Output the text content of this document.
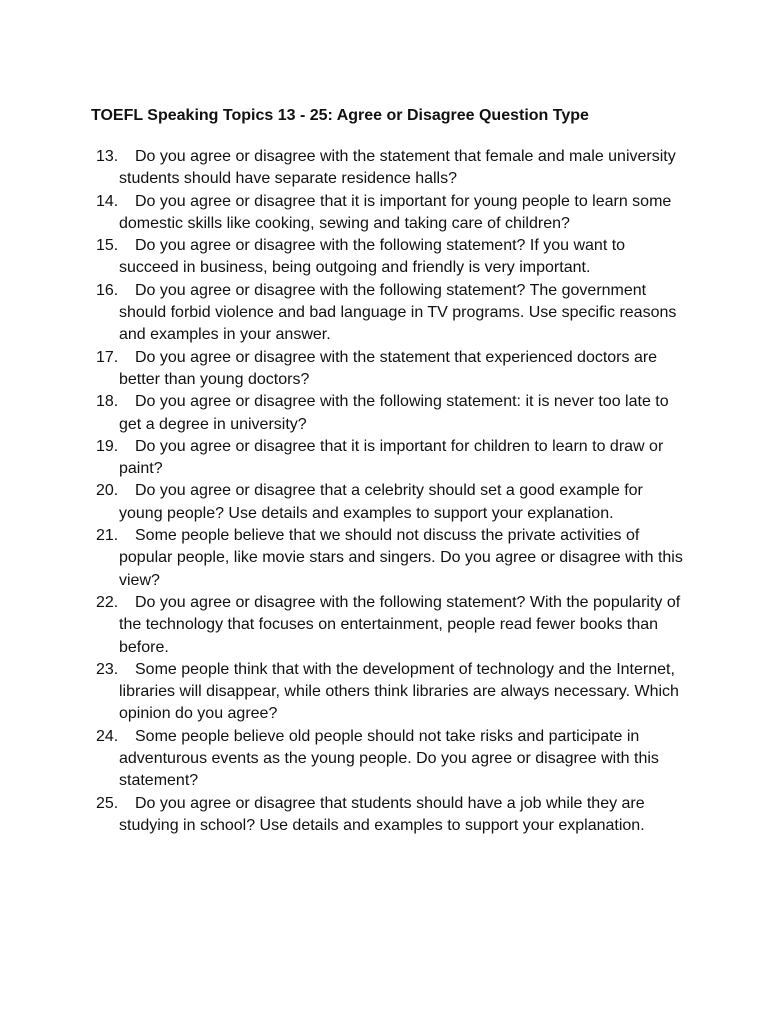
TOEFL Speaking Topics 13 - 25: Agree or Disagree Question Type
13.	Do you agree or disagree with the statement that female and male university students should have separate residence halls?
14.	Do you agree or disagree that it is important for young people to learn some domestic skills like cooking, sewing and taking care of children?
15.	Do you agree or disagree with the following statement? If you want to succeed in business, being outgoing and friendly is very important.
16.	Do you agree or disagree with the following statement? The government should forbid violence and bad language in TV programs. Use specific reasons and examples in your answer.
17.	Do you agree or disagree with the statement that experienced doctors are better than young doctors?
18.	Do you agree or disagree with the following statement: it is never too late to get a degree in university?
19.	Do you agree or disagree that it is important for children to learn to draw or paint?
20.	Do you agree or disagree that a celebrity should set a good example for young people? Use details and examples to support your explanation.
21.	Some people believe that we should not discuss the private activities of popular people, like movie stars and singers. Do you agree or disagree with this view?
22.	Do you agree or disagree with the following statement? With the popularity of the technology that focuses on entertainment, people read fewer books than before.
23.	Some people think that with the development of technology and the Internet, libraries will disappear, while others think libraries are always necessary. Which opinion do you agree?
24.	Some people believe old people should not take risks and participate in adventurous events as the young people. Do you agree or disagree with this statement?
25.	Do you agree or disagree that students should have a job while they are studying in school? Use details and examples to support your explanation.
